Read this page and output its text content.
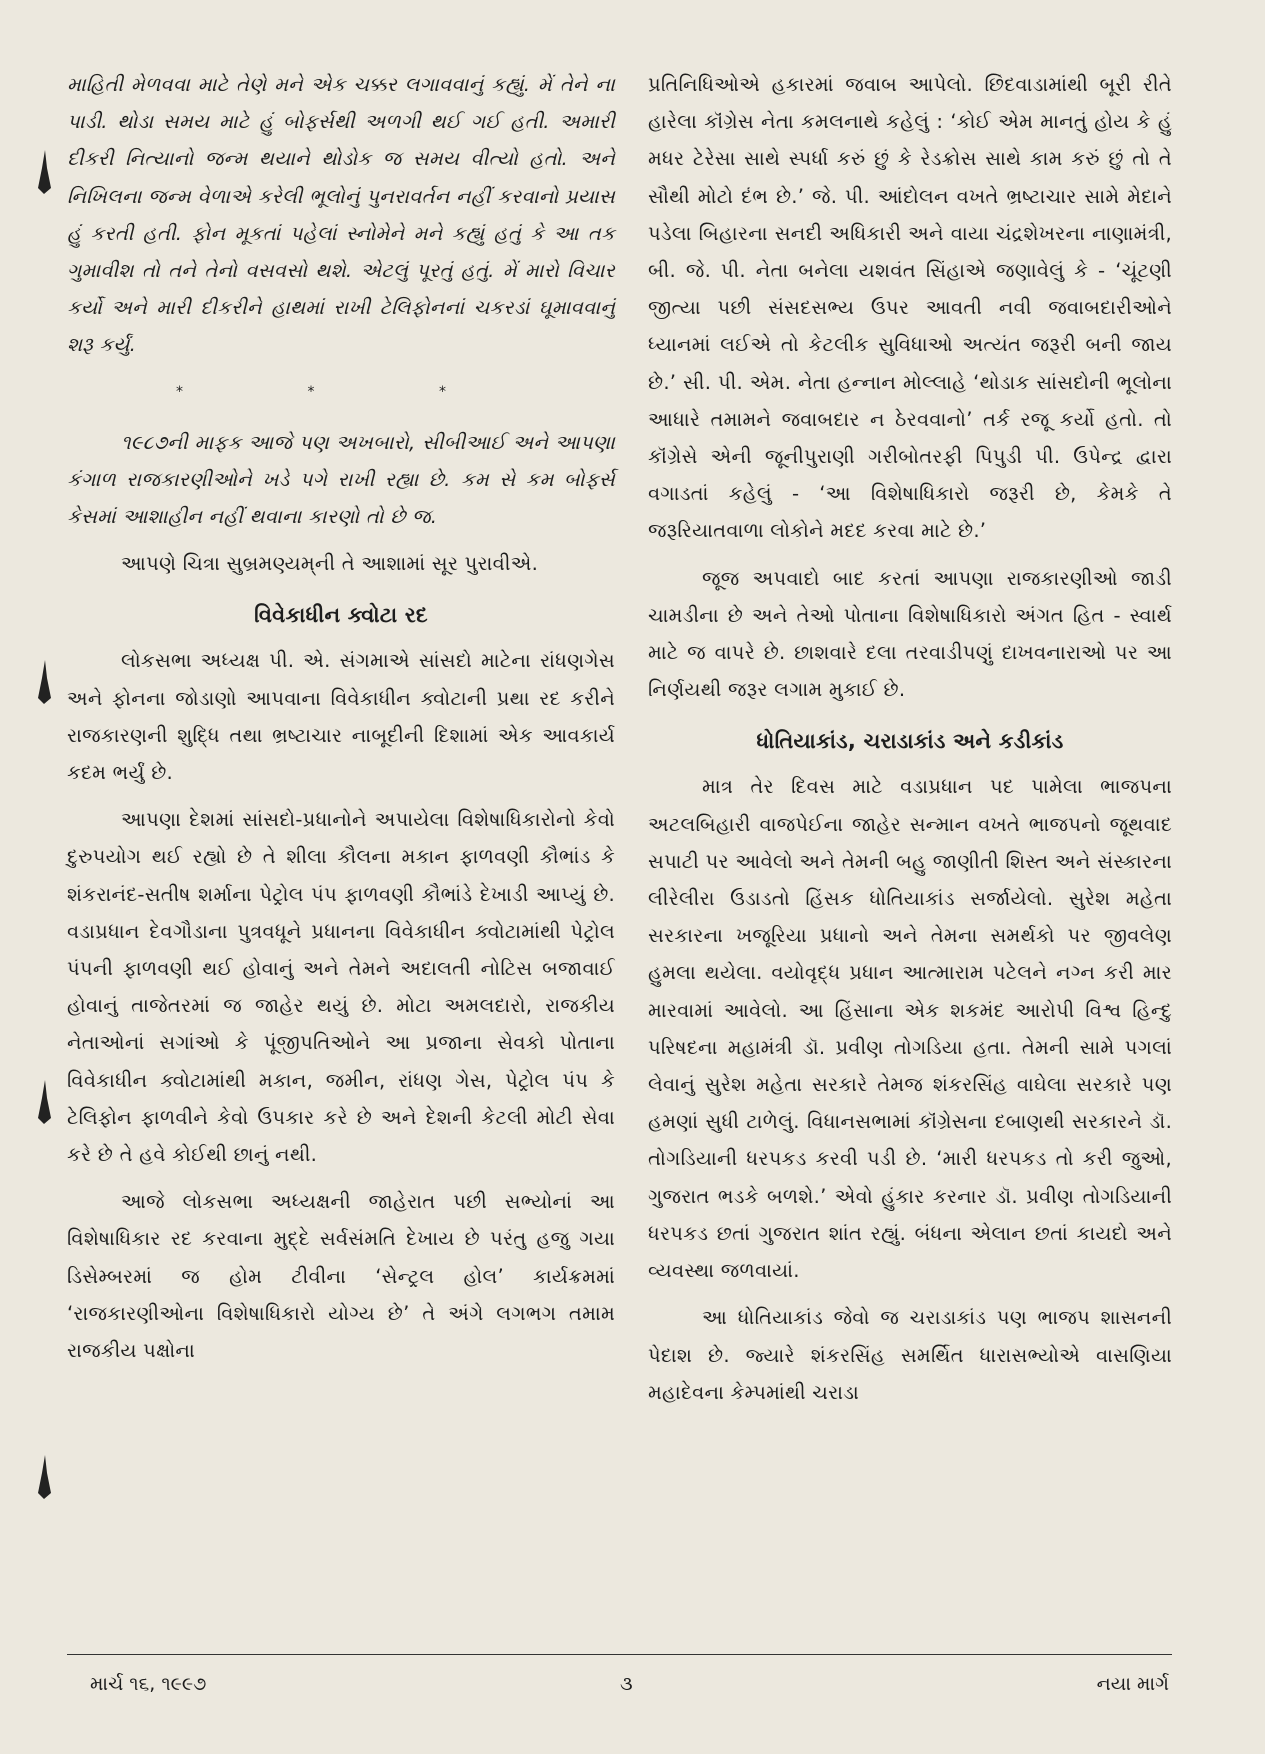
માહિતી મેળવવા માટે તેણે મને એક ચક્કર લગાવવાનું કહ્યું. મેં તેને ના પાડી. થોડા સમય માટે હું બોફર્સથી અળગી થઈ ગઈ હતી. અમારી દીકરી નિત્યાનો જન્મ થયાને થોડોક જ સમય વીત્યો હતો. અને નિખિલના જન્મ વેળાએ કરેલી ભૂલોનું પુનરાવર્તન નહીં કરવાનો પ્રયાસ હું કરતી હતી. ફોન મૂકતાં પહેલાં સ્નોમેને મને કહ્યું હતું કે આ તક ગુમાવીશ તો તને તેનો વસવસો થશે. એટલું પૂરતું હતું. મેં મારો વિચાર કર્યો અને મારી દીકરીને હાથમાં રાખી ટેલિફોનનાં ચકરડાં ઘૂમાવવાનું શરૂ કર્યું.

* * *

૧૯૮૭ની માફક આજે પણ અખબારો, સીબીઆઈ અને આપણા કંગાળ રાજકારણીઓને ખડે પગે રાખી રહ્યા છે. કમ સે કમ બોફર્સ કેસમાં આશાહીન નહીં થવાના કારણો તો છે જ.

આપણે ચિત્રા સુબ્રમણ્યમ્‌ની તે આશામાં સૂર પુરાવીએ.

વિવેકાધીન ક્વોટા રદ

લોકસભા અધ્યક્ષ પી. એ. સંગમાએ સાંસદો માટેના રાંધણગેસ અને ફોનના જોડાણો આપવાના વિવેકાધીન ક્વોટાની પ્રથા રદ કરીને રાજકારણની શુદ્ધિ તથા ભ્રષ્ટાચાર નાબૂદીની દિશામાં એક આવકાર્ય કદમ ભર્યું છે.

આપણા દેશમાં સાંસદો-પ્રધાનોને અપાયેલા વિશેષાધિકારોનો કેવો દુરુપયોગ થઈ રહ્યો છે તે શીલા કૌલના મકાન ફાળવણી કૌભાંડ કે શંકરાનંદ-સતીષ શર્માના પેટ્રોલ પંપ ફાળવણી કૌભાંડે દેખાડી આપ્યું છે. વડાપ્રધાન દેવગૌડાના પુત્રવધૂને પ્રધાનના વિવેકાધીન ક્વોટામાંથી પેટ્રોલ પંપની ફાળવણી થઈ હોવાનું અને તેમને અદાલતી નોટિસ બજાવાઈ હોવાનું તાજેતરમાં જ જાહેર થયું છે. મોટા અમલદારો, રાજકીય નેતાઓનાં સગાંઓ કે પૂંજીપતિઓને આ પ્રજાના સેવકો પોતાના વિવેકાધીન ક્વોટામાંથી મકાન, જમીન, રાંધણ ગેસ, પેટ્રોલ પંપ કે ટેલિફોન ફાળવીને કેવો ઉપકાર કરે છે અને દેશની કેટલી મોટી સેવા કરે છે તે હવે કોઈથી છાનું નથી.

આજે લોકસભા અધ્યક્ષની જાહેરાત પછી સભ્યોનાં આ વિશેષાધિકાર રદ કરવાના મુદ્દે સર્વસંમતિ દેખાય છે પરંતુ હજુ ગયા ડિસેમ્બરમાં જ હોમ ટીવીના ‘સેન્ટ્રલ હોલ’ કાર્યક્રમમાં ‘રાજકારણીઓના વિશેષાધિકારો યોગ્ય છે’ તે અંગે લગભગ તમામ રાજકીય પક્ષોના

પ્રતિનિધિઓએ હકારમાં જવાબ આપેલો. છિંદવાડામાંથી બૂરી રીતે હારેલા કૉંગ્રેસ નેતા કમલનાથે કહેલું : ‘કોઈ એમ માનતું હોય કે હું મધર ટેરેસા સાથે સ્પર્ધા કરું છું કે રેડક્રોસ સાથે કામ કરું છું તો તે સૌથી મોટો દંભ છે.’ જે. પી. આંદોલન વખતે ભ્રષ્ટાચાર સામે મેદાને પડેલા બિહારના સનદી અધિકારી અને વાયા ચંદ્રશેખરના નાણામંત્રી, બી. જે. પી. નેતા બનેલા યશવંત સિંહાએ જણાવેલું કે - ‘ચૂંટણી જીત્યા પછી સંસદસભ્ય ઉપર આવતી નવી જવાબદારીઓને ધ્યાનમાં લઈએ તો કેટલીક સુવિધાઓ અત્યંત જરૂરી બની જાય છે.’ સી. પી. એમ. નેતા હન્નાન મોલ્લાહે ‘થોડાક સાંસદોની ભૂલોના આધારે તમામને જવાબદાર ન ઠેરવવાનો’ તર્ક રજૂ કર્યો હતો. તો કૉંગ્રેસે એની જૂનીપુરાણી ગરીબોતરફી પિપુડી પી. ઉપેન્દ્ર દ્વારા વગાડતાં કહેલું - ‘આ વિશેષાધિકારો જરૂરી છે, કેમકે તે જરૂરિયાતવાળા લોકોને મદદ કરવા માટે છે.’

જૂજ અપવાદો બાદ કરતાં આપણા રાજકારણીઓ જાડી ચામડીના છે અને તેઓ પોતાના વિશેષાધિકારો અંગત હિત - સ્વાર્થ માટે જ વાપરે છે. છાશવારે દલા તરવાડીપણું દાખવનારાઓ પર આ નિર્ણયથી જરૂર લગામ મુકાઈ છે.

ધોતિયાકાંડ, ચરાડાકાંડ અને કડીકાંડ

માત્ર તેર દિવસ માટે વડાપ્રધાન પદ પામેલા ભાજપના અટલબિહારી વાજપેઈના જાહેર સન્માન વખતે ભાજપનો જૂથવાદ સપાટી પર આવેલો અને તેમની બહુ જાણીતી શિસ્ત અને સંસ્કારના લીરેલીરા ઉડાડતો હિંસક ધોતિયાકાંડ સર્જાયેલો. સુરેશ મહેતા સરકારના ખજૂરિયા પ્રધાનો અને તેમના સમર્થકો પર જીવલેણ હુમલા થયેલા. વયોવૃદ્ધ પ્રધાન આત્મારામ પટેલને નગ્ન કરી માર મારવામાં આવેલો. આ હિંસાના એક શકમંદ આરોપી વિશ્વ હિન્દુ પરિષદના મહામંત્રી ડૉ. પ્રવીણ તોગડિયા હતા. તેમની સામે પગલાં લેવાનું સુરેશ મહેતા સરકારે તેમજ શંકરસિંહ વાઘેલા સરકારે પણ હમણાં સુધી ટાળેલું. વિધાનસભામાં કૉંગ્રેસના દબાણથી સરકારને ડૉ. તોગડિયાની ધરપકડ કરવી પડી છે. ‘મારી ધરપકડ તો કરી જુઓ, ગુજરાત ભડકે બળશે.’ એવો હુંકાર કરનાર ડૉ. પ્રવીણ તોગડિયાની ધરપકડ છતાં ગુજરાત શાંત રહ્યું. બંધના એલાન છતાં કાયદો અને વ્યવસ્થા જળવાયાં.

આ ધોતિયાકાંડ જેવો જ ચરાડાકાંડ પણ ભાજપ શાસનની પેદાશ છે. જ્યારે શંકરસિંહ સમર્થિત ધારાસભ્યોએ વાસણિયા મહાદેવના કેમ્પમાંથી ચરાડા

માર્ચ ૧૬, ૧૯૯૭	૩	નયા માર્ગ
